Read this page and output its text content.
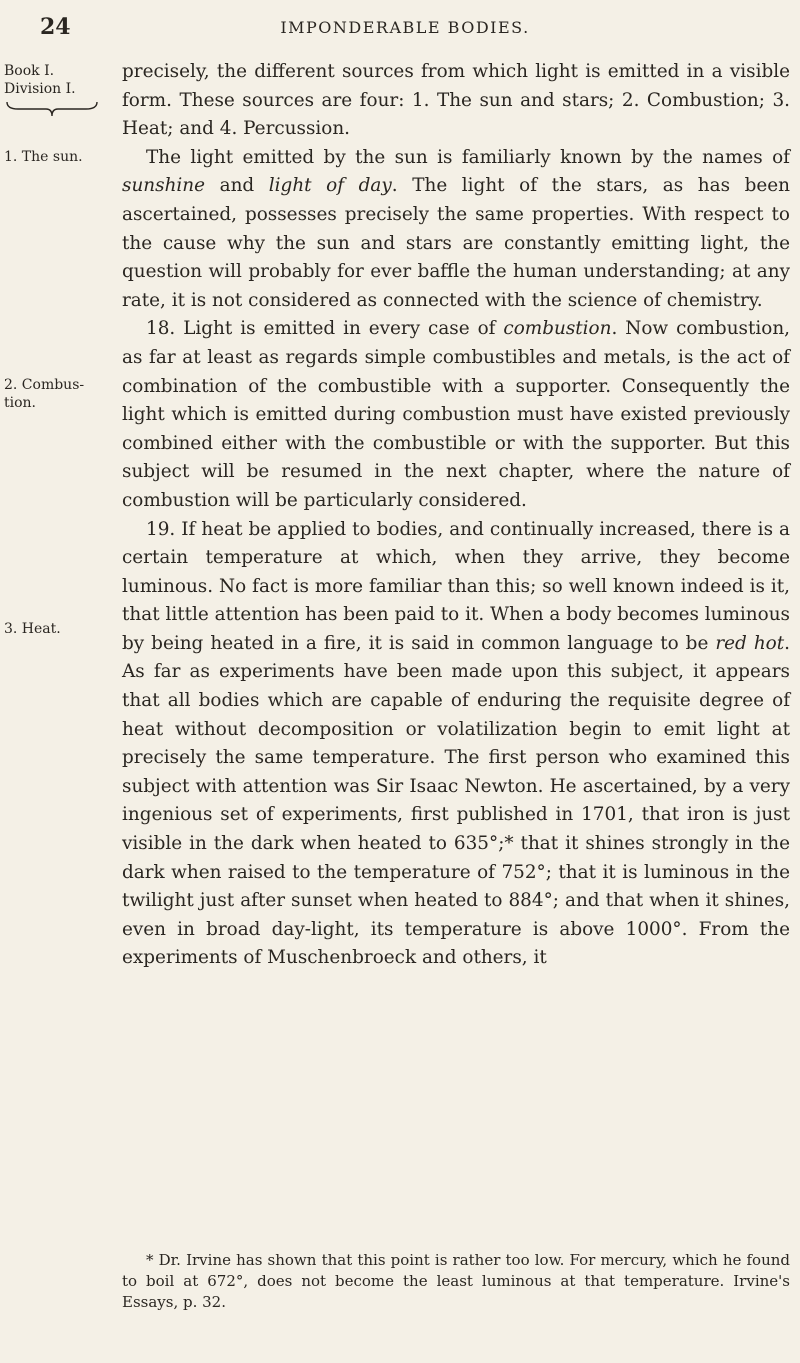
24	IMPONDERABLE BODIES.
Book I.
Division I.
1. The sun.
2. Combus-
tion.
3. Heat.

precisely, the different sources from which light is emitted in a visible form. These sources are four: 1. The sun and stars; 2. Combustion; 3. Heat; and 4. Percussion.

The light emitted by the sun is familiarly known by the names of sunshine and light of day. The light of the stars, as has been ascertained, possesses precisely the same properties. With respect to the cause why the sun and stars are constantly emitting light, the question will probably for ever baffle the human understanding; at any rate, it is not considered as connected with the science of chemistry.

18. Light is emitted in every case of combustion. Now combustion, as far at least as regards simple combustibles and metals, is the act of combination of the combustible with a supporter. Consequently the light which is emitted during combustion must have existed previously combined either with the combustible or with the supporter. But this subject will be resumed in the next chapter, where the nature of combustion will be particularly considered.

19. If heat be applied to bodies, and continually increased, there is a certain temperature at which, when they arrive, they become luminous. No fact is more familiar than this; so well known indeed is it, that little attention has been paid to it. When a body becomes luminous by being heated in a fire, it is said in common language to be red hot. As far as experiments have been made upon this subject, it appears that all bodies which are capable of enduring the requisite degree of heat without decomposition or volatilization begin to emit light at precisely the same temperature. The first person who examined this subject with attention was Sir Isaac Newton. He ascertained, by a very ingenious set of experiments, first published in 1701, that iron is just visible in the dark when heated to 635°;* that it shines strongly in the dark when raised to the temperature of 752°; that it is luminous in the twilight just after sunset when heated to 884°; and that when it shines, even in broad day-light, its temperature is above 1000°. From the experiments of Muschenbroeck and others, it

* Dr. Irvine has shown that this point is rather too low. For mercury, which he found to boil at 672°, does not become the least luminous at that temperature. Irvine's Essays, p. 32.
